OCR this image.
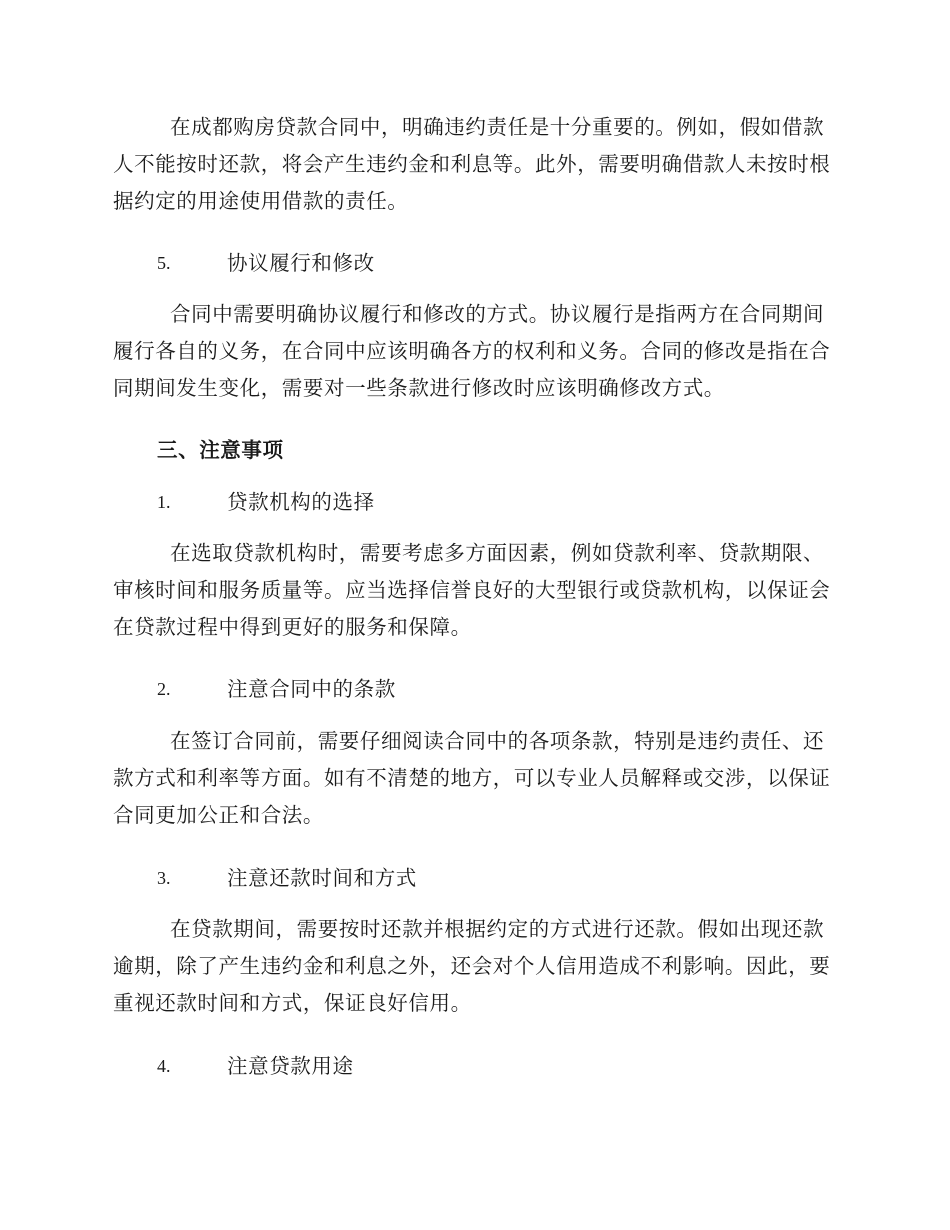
在成都购房贷款合同中，明确违约责任是十分重要的。例如，假如借款人不能按时还款，将会产生违约金和利息等。此外，需要明确借款人未按时根据约定的用途使用借款的责任。

5.	协议履行和修改

合同中需要明确协议履行和修改的方式。协议履行是指两方在合同期间履行各自的义务，在合同中应该明确各方的权利和义务。合同的修改是指在合同期间发生变化，需要对一些条款进行修改时应该明确修改方式。

三、注意事项
1.	贷款机构的选择

在选取贷款机构时，需要考虑多方面因素，例如贷款利率、贷款期限、审核时间和服务质量等。应当选择信誉良好的大型银行或贷款机构，以保证会在贷款过程中得到更好的服务和保障。

2.	注意合同中的条款

在签订合同前，需要仔细阅读合同中的各项条款，特别是违约责任、还款方式和利率等方面。如有不清楚的地方，可以专业人员解释或交涉，以保证合同更加公正和合法。

3.	注意还款时间和方式

在贷款期间，需要按时还款并根据约定的方式进行还款。假如出现还款逾期，除了产生违约金和利息之外，还会对个人信用造成不利影响。因此，要重视还款时间和方式，保证良好信用。

4.	注意贷款用途
